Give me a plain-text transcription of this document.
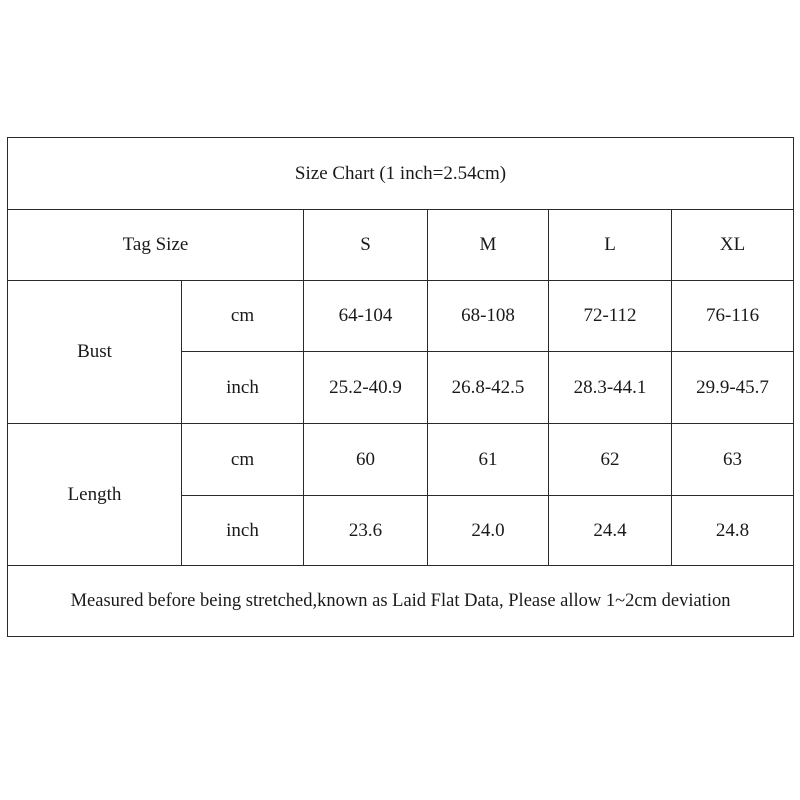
Size Chart (1 inch=2.54cm)					
Tag Size		S	M	L	XL
Bust	cm	64-104	68-108	72-112	76-116
	inch	25.2-40.9	26.8-42.5	28.3-44.1	29.9-45.7
Length	cm	60	61	62	63
	inch	23.6	24.0	24.4	24.8
Measured before being stretched,known as Laid Flat Data, Please allow 1~2cm deviation					
